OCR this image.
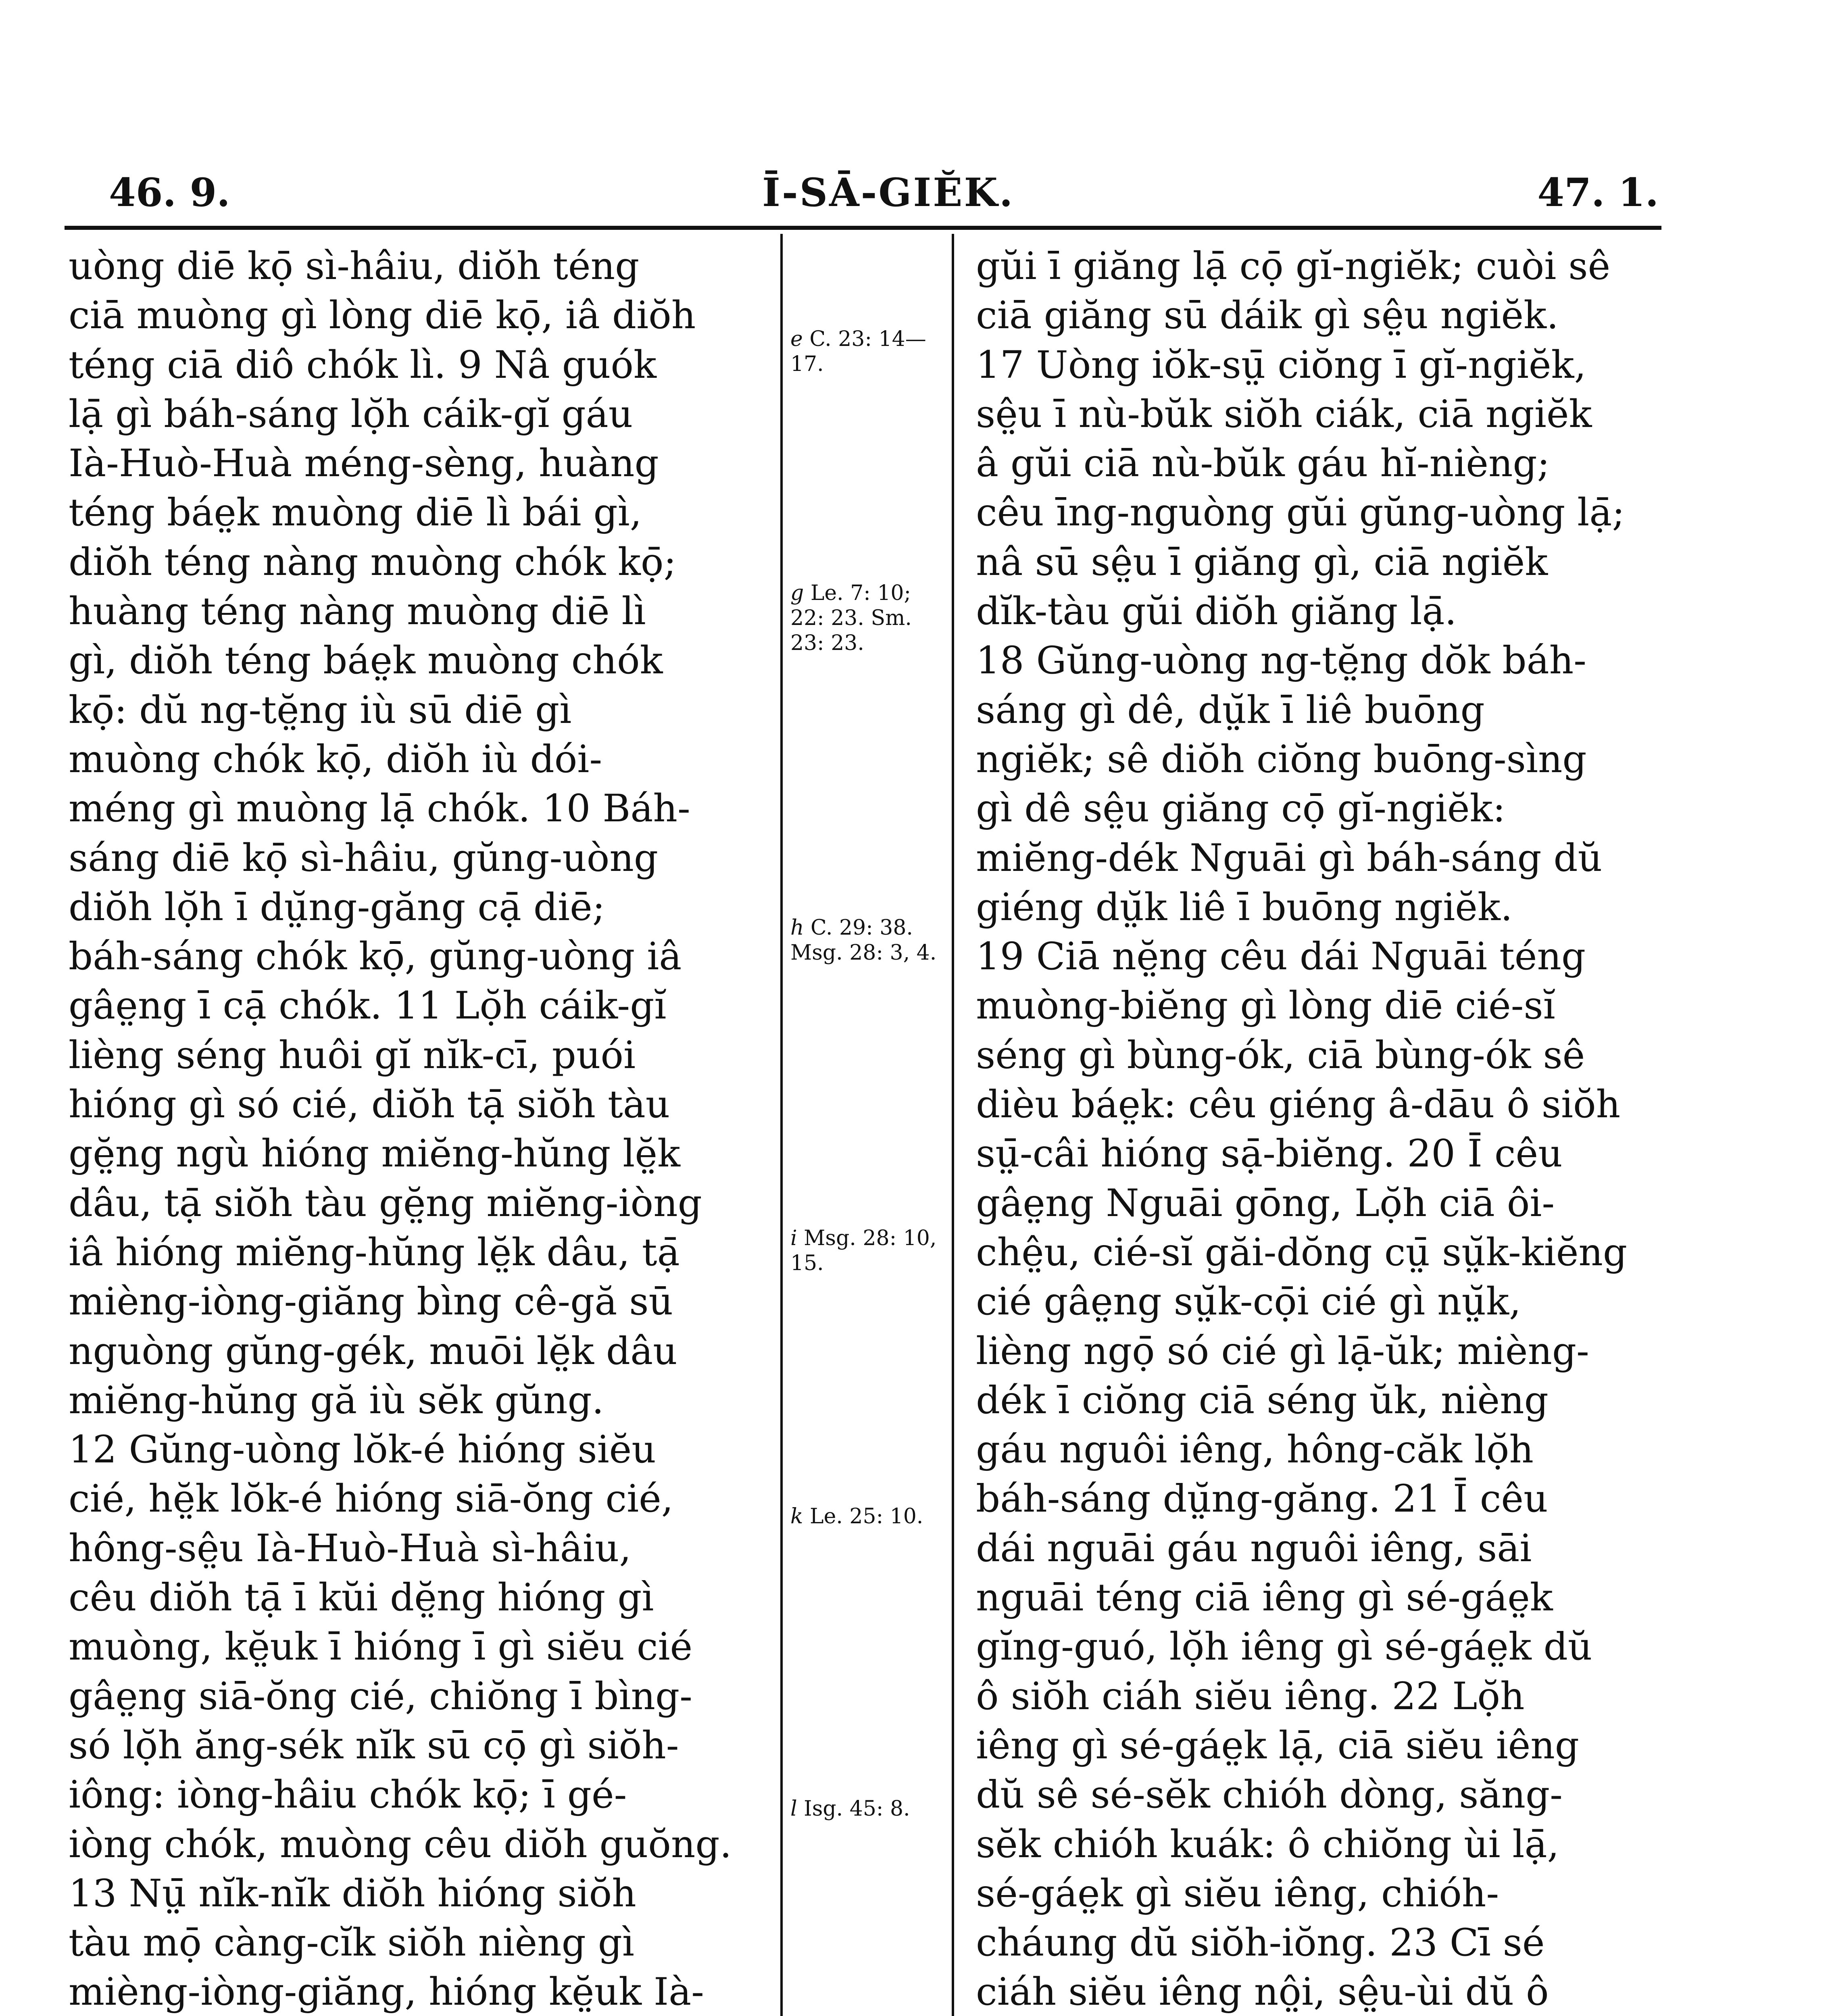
46. 9.	Ī-SĀ-GIĔK.	47. 1.
uòng diē kọ̄ sì-hâiu, diŏh téng
ciā muòng gì lòng diē kọ̄, iâ diŏh
téng ciā diô chók lì. 9 Nâ guók
lạ̄ gì báh-sáng lọ̆h cáik-gĭ gáu
Ià-Huò-Huà méng-sèng, huàng
téng báe̤k muòng diē lì bái gì,
diŏh téng nàng muòng chók kọ̄;
huàng téng nàng muòng diē lì
gì, diŏh téng báe̤k muòng chók
kọ̄: dŭ ng-tĕ̤ng iù sū diē gì
muòng chók kọ̄, diŏh iù dói-
méng gì muòng lạ̄ chók. 10 Báh-
sáng diē kọ̄ sì-hâiu, gŭng-uòng
diŏh lọ̆h ī dṳ̆ng-găng cạ̄ diē;
báh-sáng chók kọ̄, gŭng-uòng iâ
gâe̤ng ī cạ̄ chók. 11 Lọ̆h cáik-gĭ
lièng séng huôi gĭ nĭk-cī, puói
hióng gì só cié, diŏh tạ̄ siŏh tàu
gĕ̤ng ngù hióng miĕng-hŭng lĕ̤k
dâu, tạ̄ siŏh tàu gĕ̤ng miĕng-iòng
iâ hióng miĕng-hŭng lĕ̤k dâu, tạ̄
mièng-iòng-giăng bìng cê-gă sū
nguòng gŭng-gék, muōi lĕ̤k dâu
miĕng-hŭng gă iù sĕk gŭng.
12 Gŭng-uòng lŏk-é hióng siĕu
cié, hĕ̤k lŏk-é hióng siā-ŏng cié,
hông-sê̤u Ià-Huò-Huà sì-hâiu,
cêu diŏh tạ̄ ī kŭi dĕ̤ng hióng gì
muòng, kĕ̤uk ī hióng ī gì siĕu cié
gâe̤ng siā-ŏng cié, chiŏng ī bìng-
só lọ̆h ăng-sék nĭk sū cọ̄ gì siŏh-
iông: iòng-hâiu chók kọ̄; ī gé-
iòng chók, muòng cêu diŏh guŏng.
13 Nṳ̄ nĭk-nĭk diŏh hióng siŏh
tàu mọ̄ càng-cĭk siŏh nièng gì
mièng-iòng-giăng, hióng kĕ̤uk Ià-
e C. 23: 14—17.
g Le. 7: 10; 22: 23. Sm. 23: 23.
h C. 29: 38. Msg. 28: 3, 4.
i Msg. 28: 10, 15.
k Le. 25: 10.
l Isg. 45: 8.
gŭi ī giăng lạ̄ cọ̄ gĭ-ngiĕk; cuòi sê
ciā giăng sū dáik gì sê̤u ngiĕk.
17 Uòng iŏk-sṳ̄ ciŏng ī gĭ-ngiĕk,
sê̤u ī nù-bŭk siŏh ciák, ciā ngiĕk
â gŭi ciā nù-bŭk gáu hĭ-nièng;
cêu īng-nguòng gŭi gŭng-uòng lạ̄;
nâ sū sê̤u ī giăng gì, ciā ngiĕk
dĭk-tàu gŭi diŏh giăng lạ̄.
18 Gŭng-uòng ng-tĕ̤ng dŏk báh-
sáng gì dê, dṳ̆k ī liê buōng
ngiĕk; sê diŏh ciŏng buōng-sìng
gì dê sê̤u giăng cọ̄ gĭ-ngiĕk:
miĕng-dék Nguāi gì báh-sáng dŭ
giéng dṳ̆k liê ī buōng ngiĕk.
19 Ciā nĕ̤ng cêu dái Nguāi téng
muòng-biĕng gì lòng diē cié-sĭ
séng gì bùng-ók, ciā bùng-ók sê
dièu báe̤k: cêu giéng â-dāu ô siŏh
sṳ̄-câi hióng sạ̄-biĕng. 20 Ī cêu
gâe̤ng Nguāi gōng, Lọ̆h ciā ôi-
chê̤u, cié-sĭ găi-dŏng cṳ̄ sṳ̆k-kiĕng
cié gâe̤ng sṳ̆k-cọ̄i cié gì nṳ̆k,
lièng ngọ̄ só cié gì lạ̄-ŭk; mièng-
dék ī ciŏng ciā séng ŭk, nièng
gáu nguôi iêng, hông-căk lọ̆h
báh-sáng dṳ̆ng-găng. 21 Ī cêu
dái nguāi gáu nguôi iêng, sāi
nguāi téng ciā iêng gì sé-gáe̤k
gĭng-guó, lọ̆h iêng gì sé-gáe̤k dŭ
ô siŏh ciáh siĕu iêng. 22 Lọ̆h
iêng gì sé-gáe̤k lạ̄, ciā siĕu iêng
dŭ sê sé-sĕk chióh dòng, săng-
sĕk chióh kuák: ô chiŏng ùi lạ̄,
sé-gáe̤k gì siĕu iêng, chióh-
cháung dŭ siŏh-iŏng. 23 Cī sé
ciáh siĕu iêng nô̤i, sê̤u-ùi dŭ ô
